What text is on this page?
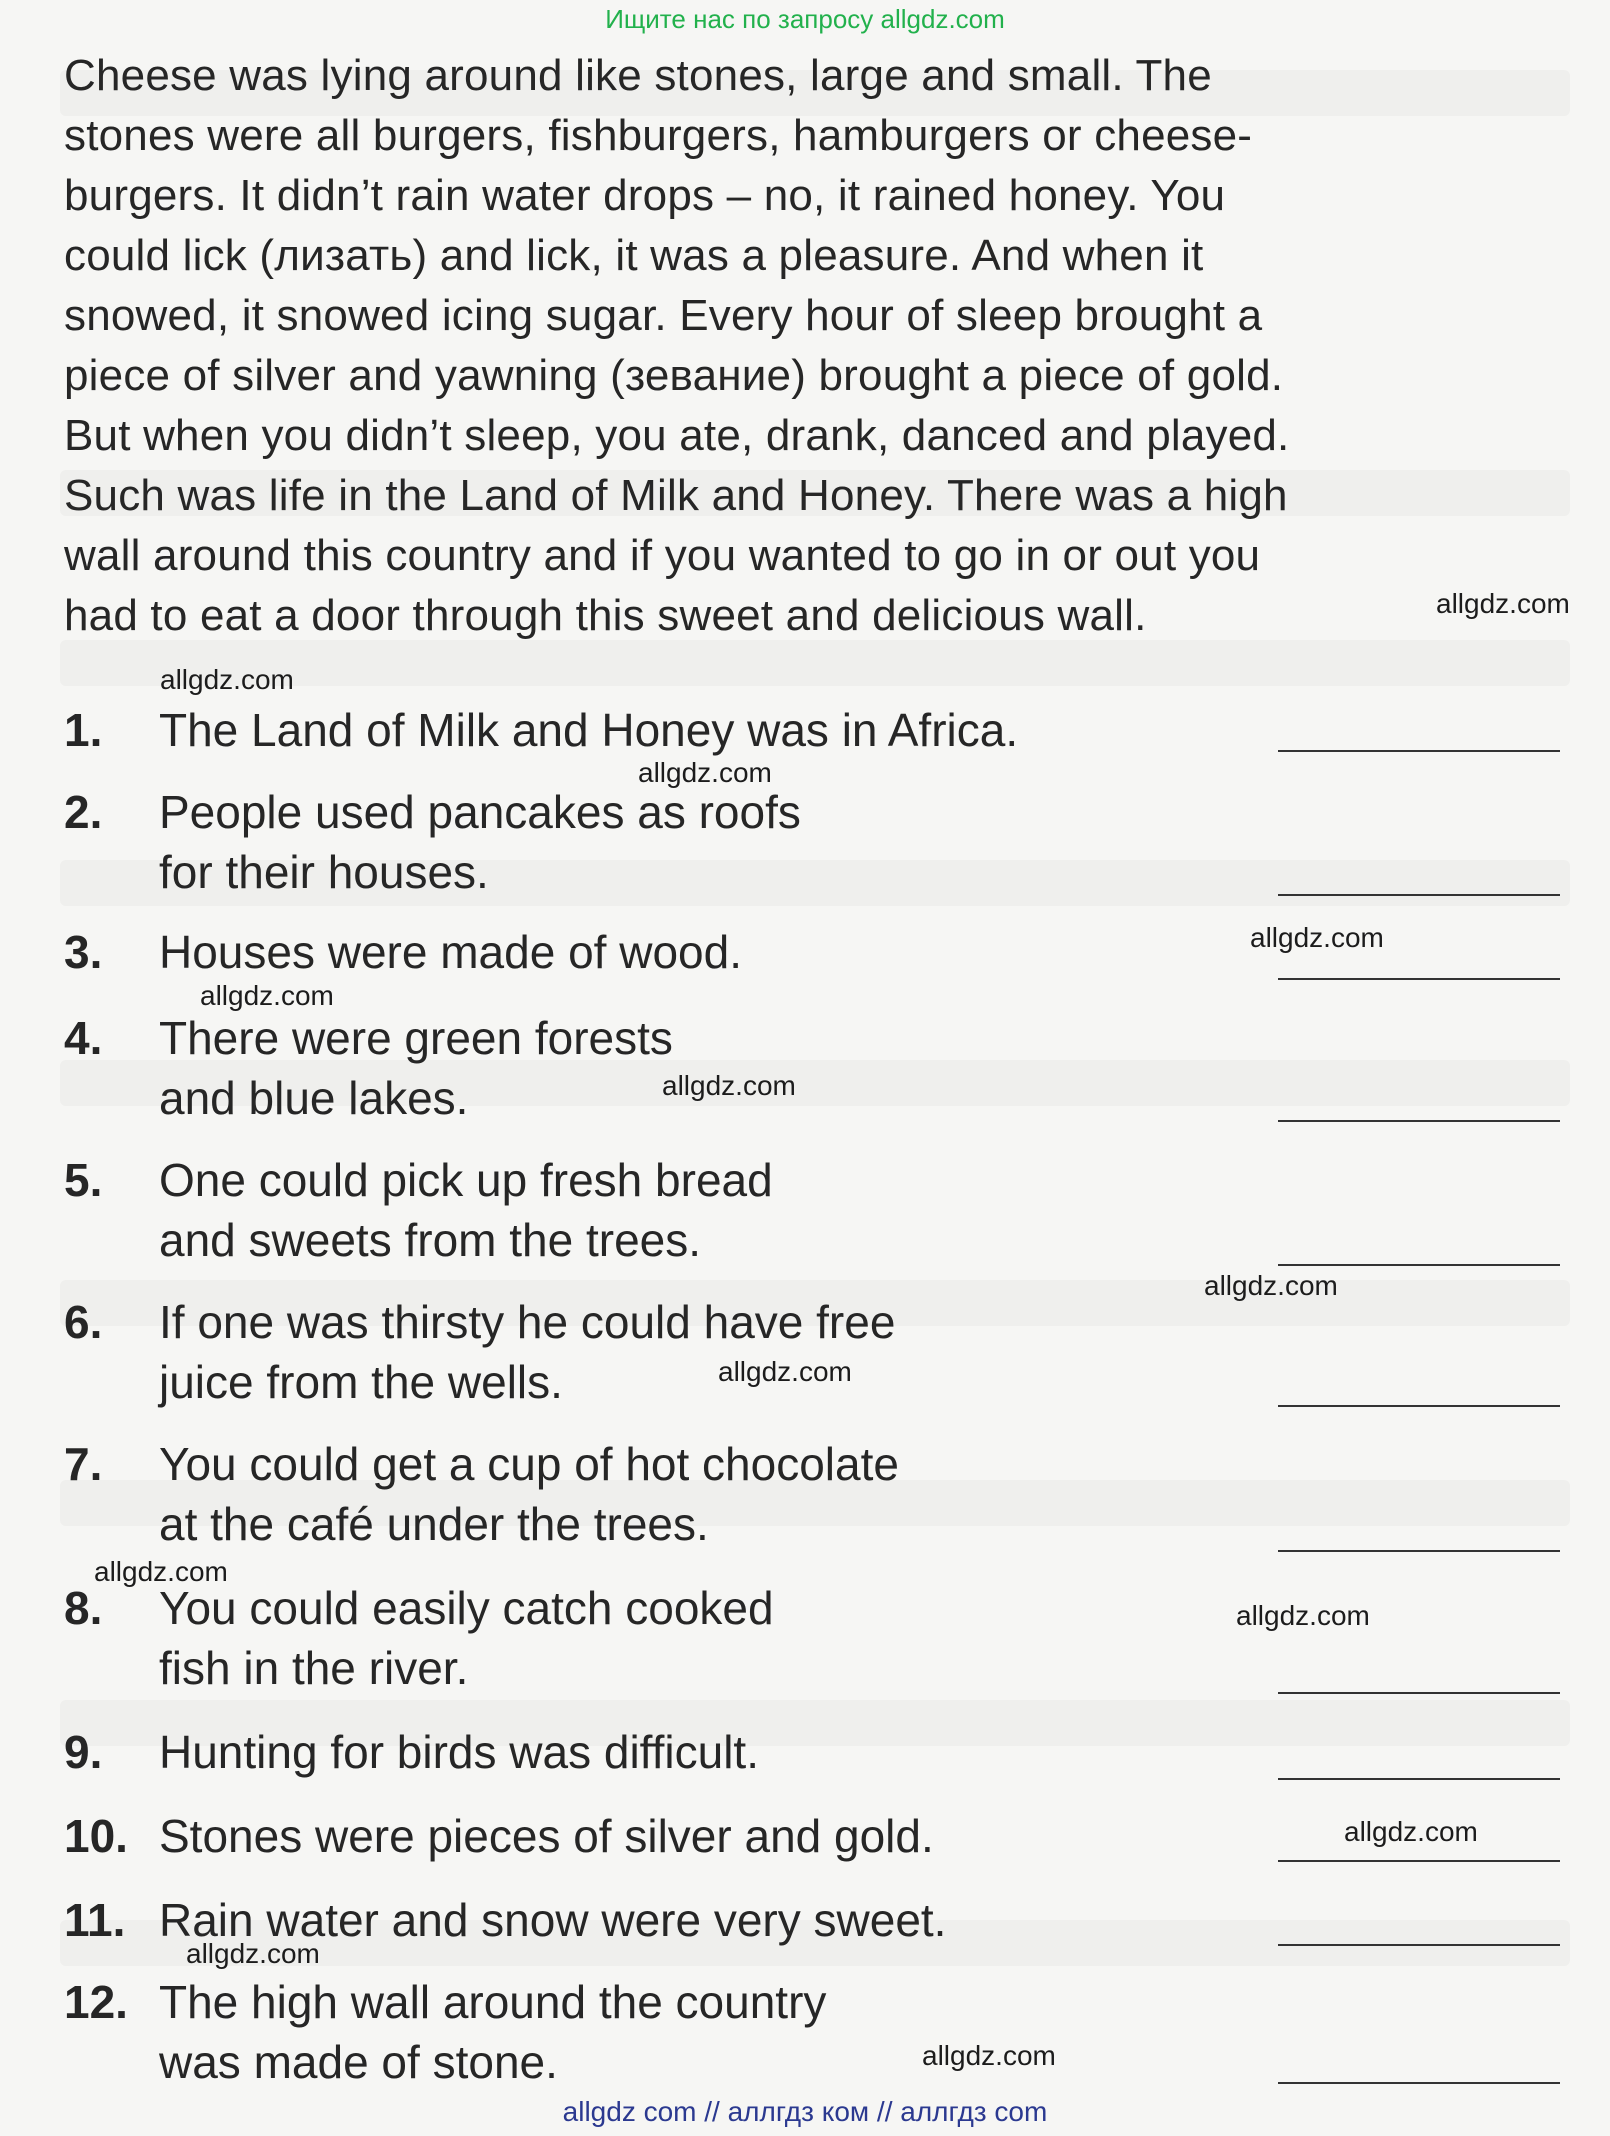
Ищите нас по запросу allgdz.com
Cheese was lying around like stones, large and small. The
stones were all burgers, fishburgers, hamburgers or cheese-
burgers. It didn’t rain water drops – no, it rained honey. You
could lick (лизать) and lick, it was a pleasure. And when it
snowed, it snowed icing sugar. Every hour of sleep brought a
piece of silver and yawning (зевание) brought a piece of gold.
But when you didn’t sleep, you ate, drank, danced and played.
Such was life in the Land of Milk and Honey. There was a high
wall around this country and if you wanted to go in or out you
had to eat a door through this sweet and delicious wall.
1. The Land of Milk and Honey was in Africa.
2. People used pancakes as roofs
for their houses.
3. Houses were made of wood.
4. There were green forests
and blue lakes.
5. One could pick up fresh bread
and sweets from the trees.
6. If one was thirsty he could have free
juice from the wells.
7. You could get a cup of hot chocolate
at the café under the trees.
8. You could easily catch cooked
fish in the river.
9. Hunting for birds was difficult.
10. Stones were pieces of silver and gold.
11. Rain water and snow were very sweet.
12. The high wall around the country
was made of stone.
allgdz.com
allgdz.com
allgdz.com
allgdz.com
allgdz.com
allgdz.com
allgdz.com
allgdz.com
allgdz.com
allgdz.com
allgdz.com
allgdz.com
allgdz.com
allgdz com // аллгдз ком // аллгдз com
